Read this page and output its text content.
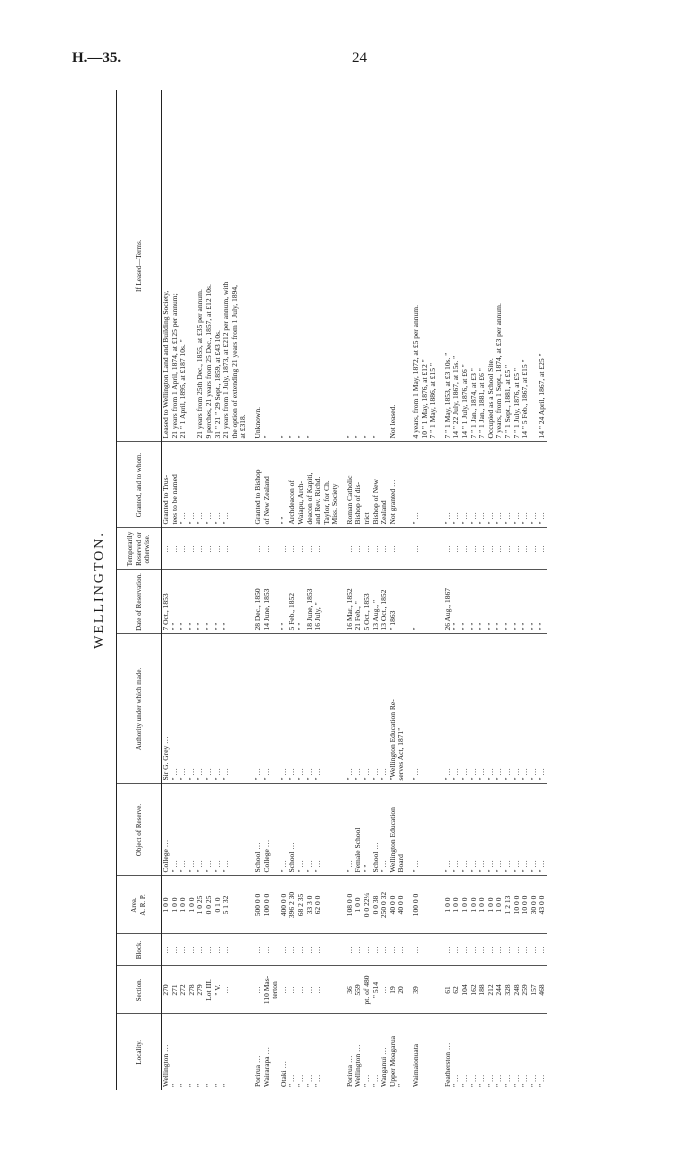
H.—35.	24
WELLINGTON.
Locality.	Section.	Block.	Area. A. R. P.	Object of Reserve.	Authority under which made.	Date of Reservation.	Temporarily Reserved or otherwise.	Granted, and to whom.	If Leased—Terms.
Wellington …	270	…	1 0 0	College …	Sir G. Grey …	7 Oct., 1853	…	Granted to Trus-	Leased to Wellington Land and Building Society,
"	271	…	1 0 0	" …	" …	" "	…	tees to be named	21 years from 1 April, 1874, at £125 per annum;
"	272	…	1 0 0	" …	" …	" "	…	" …	21 " 1 April, 1895, at £187 10s. "
"	278	…	1 0 0	" …	" …	" "	…	" …	
"	279	…	1 0 25	" …	" …	" "	…	" …	21 years from 25th Dec., 1855, at £35 per annum.
"	Lot III.	…	0 0 25	" …	" …	" "	…	" …	9 perches, 21 years from 25 Dec., 1857, at £12 10s.
"	" V.	…	0 1 0	" …	" …	" "	…	" …	31 " 21 " 29 Sept., 1859, at £43 10s.
"	…	…	5 1 32	" …	" …	" "	…	" …	21 years from 1 July, 1873, at £212 per annum, with
									the option of extending 21 years from 1 July, 1894,
									at £318.

Porirua …	…	…	500 0 0	School …	" …	28 Dec., 1850	…	Granted to Bishop	Unknown.
Wairarapa …	110 Mas-	…	100 0 0	College …	" …	14 June, 1853	…	of New Zealand	"
	terton								
Otaki …	…	…	400 0 0	" …	" …	" "	…	" "	"
" …	…	…	396 2 30	School …	" …	5 Feb., 1852	…	Archdeacon of	"
" …	…	…	68 2 35	" …	" …	" "	…	Waiapu, Arch-	"
" …	…	…	33 3 0	" …	" …	18 June, 1853	…	deacon of Kapiti,	"
" …	…	…	62 0 0	" …	" …	16 July, "	…	and Rev. Richd.	
								Taylor, for Ch.	
								Miss. Society	

Porirua …	36	…	108 0 0	" …	" …	16 Mar., 1852	…	Roman Catholic	"
Wellington …	559	…	1 0 0	Female School	" …	21 Feb., "	…	Bishop of dis-	"
" …	pt. of 480	…	0 0 22¼	" "	" …	5 Oct., 1853	…	trict	"
" …	" 514	…	0 0 38	School …	" …	13 Aug., "	…	Bishop of New	"
Wanganui …	…	…	250 0 32	" …	" …	13 Oct., 1852	…	Zealand	
Upper Moagarua	19	…	40 0 0	Wellington Education	"Wellington Education Re-	" 1863	…	Not granted …	Not leased.
"	20	…	40 0 0	Board	serves Act, 1871"				

Waimaionuata	39	…	100 0 0	" …	" …	"	…	" …	4 years, from 1 May, 1872, at £5 per annum.
									10 " 1 May, 1876, at £12 "
									7 " 1 May, 1886, at £15 "

Featherston …	61	…	1 0 0	" …	" …	26 Aug., 1867	…	" …	7 " 1 May, 1853, at £3 10s. "
" …	62	…	1 0 0	" …	" …	" "	…	" …	14 " 22 July, 1867, at 15s. "
" …	104	…	1 0 0	" …	" …	" "	…	" …	14 " 1 July, 1876, at £6 "
" …	162	…	1 0 0	" …	" …	" "	…	" …	7 " 1 Jan., 1874, at £3 "
" …	188	…	1 0 0	" …	" …	" "	…	" …	7 " 1 Jan., 1881, at £6 "
" …	212	…	1 0 0	" …	" …	" "	…	" …	Occupied as a School Site.
" …	244	…	1 0 0	" …	" …	" "	…	" …	7 years, from 1 Sept., 1874, at £3 per annum.
" …	328	…	1 2 13	" …	" …	" "	…	" …	7 " 1 Sept., 1881, at £5 "
" …	248	…	10 0 0	" …	" …	" "	…	" …	7 " 1 July, 1876, at £5 "
" …	259	…	10 0 0	" …	" …	" "	…	" …	14 " 5 Feb., 1867, at £15 "
" …	157	…	30 0 0	" …	" …	" "	…	" …	
" …	468	…	43 0 0	" …	" …	" "	…	" …	14 " 24 April, 1867, at £25 "
